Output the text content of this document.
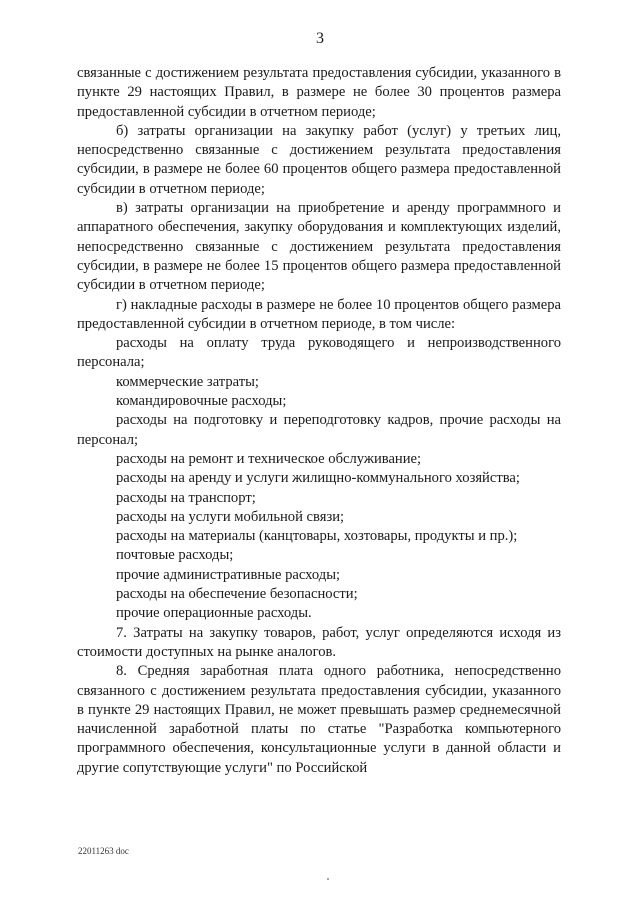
3

связанные с достижением результата предоставления субсидии, указанного в пункте 29 настоящих Правил, в размере не более 30 процентов размера предоставленной субсидии в отчетном периоде;

б) затраты организации на закупку работ (услуг) у третьих лиц, непосредственно связанные с достижением результата предоставления субсидии, в размере не более 60 процентов общего размера предоставленной субсидии в отчетном периоде;

в) затраты организации на приобретение и аренду программного и аппаратного обеспечения, закупку оборудования и комплектующих изделий, непосредственно связанные с достижением результата предоставления субсидии, в размере не более 15 процентов общего размера предоставленной субсидии в отчетном периоде;

г) накладные расходы в размере не более 10 процентов общего размера предоставленной субсидии в отчетном периоде, в том числе:

расходы на оплату труда руководящего и непроизводственного персонала;

коммерческие затраты;

командировочные расходы;

расходы на подготовку и переподготовку кадров, прочие расходы на персонал;

расходы на ремонт и техническое обслуживание;

расходы на аренду и услуги жилищно-коммунального хозяйства;

расходы на транспорт;

расходы на услуги мобильной связи;

расходы на материалы (канцтовары, хозтовары, продукты и пр.);

почтовые расходы;

прочие административные расходы;

расходы на обеспечение безопасности;

прочие операционные расходы.

7. Затраты на закупку товаров, работ, услуг определяются исходя из стоимости доступных на рынке аналогов.

8. Средняя заработная плата одного работника, непосредственно связанного с достижением результата предоставления субсидии, указанного в пункте 29 настоящих Правил, не может превышать размер среднемесячной начисленной заработной платы по статье "Разработка компьютерного программного обеспечения, консультационные услуги в данной области и другие сопутствующие услуги" по Российской

22011263 doc
